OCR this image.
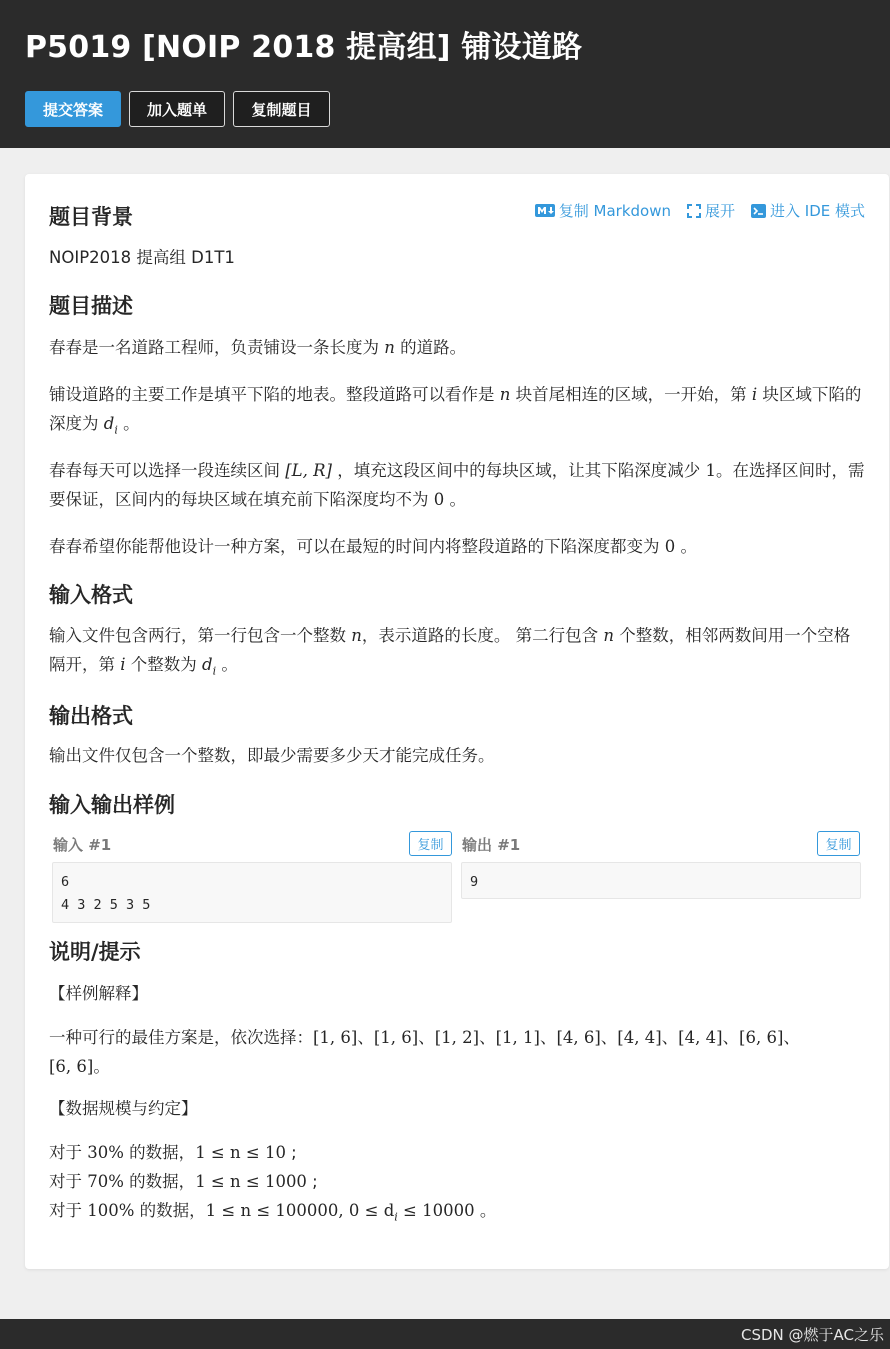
P5019 [NOIP 2018 提高组] 铺设道路
提交答案	加入题单	复制题目
复制 Markdown 展开 进入 IDE 模式
题目背景
NOIP2018 提高组 D1T1
题目描述
春春是一名道路工程师，负责铺设一条长度为 n 的道路。
铺设道路的主要工作是填平下陷的地表。整段道路可以看作是 n 块首尾相连的区域，一开始，第 i 块区域下陷的深度为 $d_i$ 。
春春每天可以选择一段连续区间 [L, R] ，填充这段区间中的每块区域，让其下陷深度减少 1。在选择区间时，需要保证，区间内的每块区域在填充前下陷深度均不为 0 。
春春希望你能帮他设计一种方案，可以在最短的时间内将整段道路的下陷深度都变为 0 。
输入格式
输入文件包含两行，第一行包含一个整数 n，表示道路的长度。 第二行包含 n 个整数，相邻两数间用一个空格隔开，第 i 个整数为 $d_i$ 。
输出格式
输出文件仅包含一个整数，即最少需要多少天才能完成任务。
输入输出样例
输入 #1	复制
6
4 3 2 5 3 5
输出 #1	复制
9
说明/提示
【样例解释】
一种可行的最佳方案是，依次选择：[1, 6]、[1, 6]、[1, 2]、[1, 1]、[4, 6]、[4, 4]、[4, 4]、[6, 6]、
[6, 6]。
【数据规模与约定】
对于 30% 的数据，1 ≤ n ≤ 10 ;
对于 70% 的数据，1 ≤ n ≤ 1000 ;
对于 100% 的数据，1 ≤ n ≤ 100000, $0 \le d_i \le 10000$ 。
CSDN @燃于AC之乐
